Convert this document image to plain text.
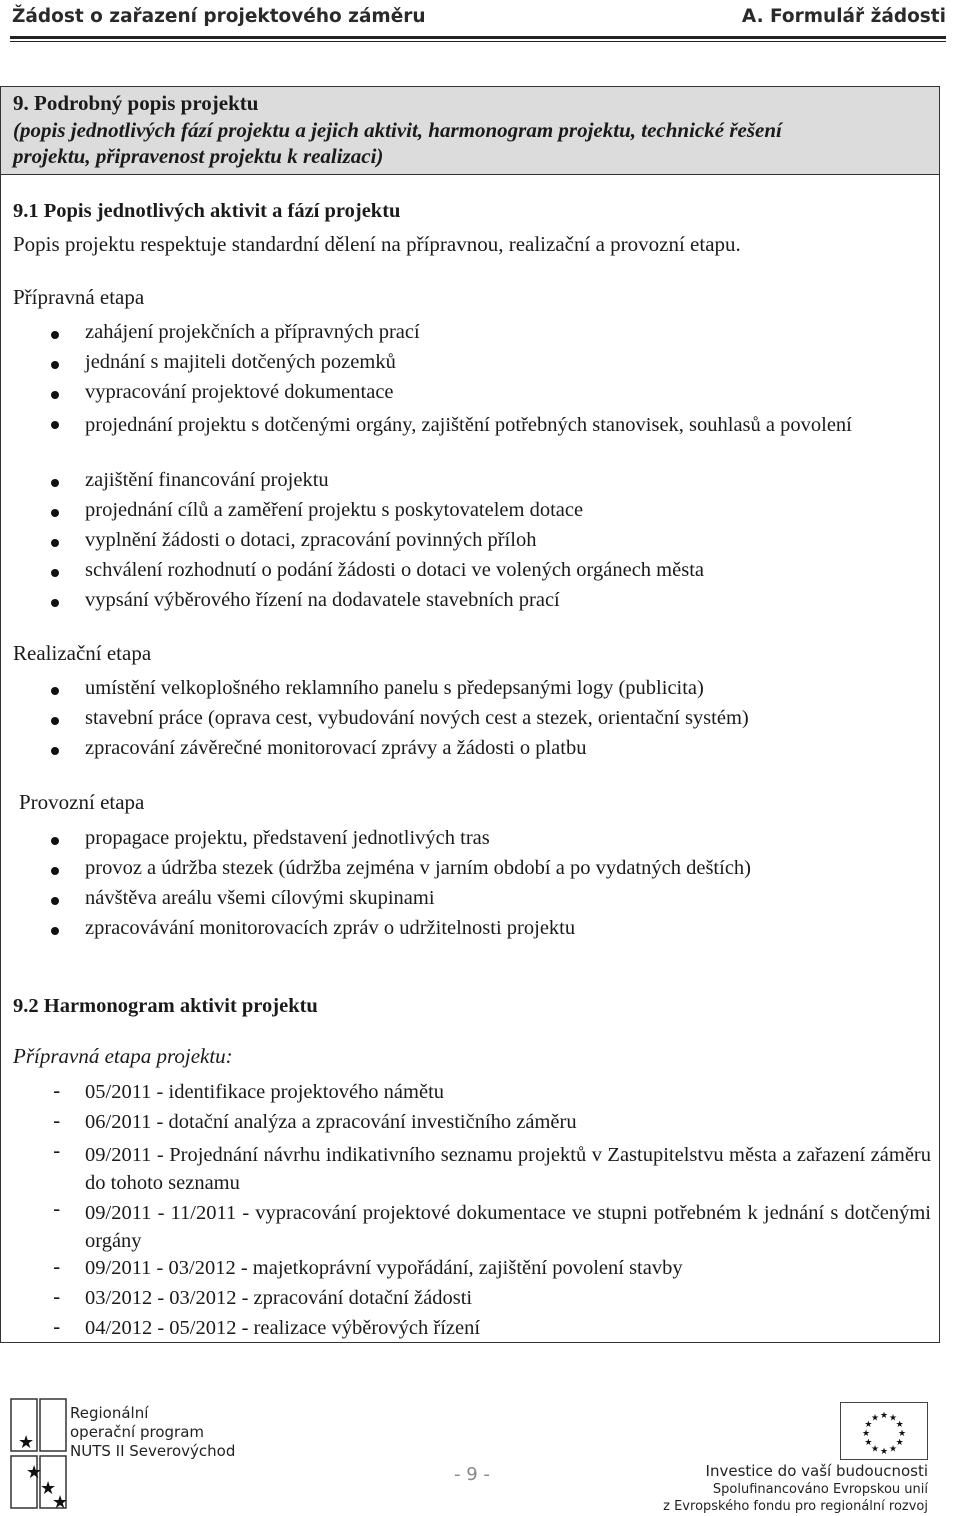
Žádost o zařazení projektového záměru	A. Formulář žádosti
9. Podrobný popis projektu
(popis jednotlivých fází projektu a jejich aktivit, harmonogram projektu, technické řešení
projektu, připravenost projektu k realizaci)
9.1 Popis jednotlivých aktivit a fází projektu
Popis projektu respektuje standardní dělení na přípravnou, realizační a provozní etapu.
Přípravná etapa
zahájení projekčních a přípravných prací
jednání s majiteli dotčených pozemků
vypracování projektové dokumentace
projednání projektu s dotčenými orgány, zajištění potřebných stanovisek, souhlasů a povolení
zajištění financování projektu
projednání cílů a zaměření projektu s poskytovatelem dotace
vyplnění žádosti o dotaci, zpracování povinných příloh
schválení rozhodnutí o podání žádosti o dotaci ve volených orgánech města
vypsání výběrového řízení na dodavatele stavebních prací
Realizační etapa
umístění velkoplošného reklamního panelu s předepsanými logy (publicita)
stavební práce (oprava cest, vybudování nových cest a stezek, orientační systém)
zpracování závěrečné monitorovací zprávy a žádosti o platbu
Provozní etapa
propagace projektu, představení jednotlivých tras
provoz a údržba stezek (údržba zejména v jarním období a po vydatných deštích)
návštěva areálu všemi cílovými skupinami
zpracovávání monitorovacích zpráv o udržitelnosti projektu
9.2 Harmonogram aktivit projektu
Přípravná etapa projektu:
- 05/2011 - identifikace projektového námětu
- 06/2011 - dotační analýza a zpracování investičního záměru
- 09/2011 - Projednání návrhu indikativního seznamu projektů v Zastupitelstvu města a zařazení záměru do tohoto seznamu
- 09/2011 - 11/2011 - vypracování projektové dokumentace ve stupni potřebném k jednání s dotčenými orgány
- 09/2011 - 03/2012 - majetkoprávní vypořádání, zajištění povolení stavby
- 03/2012 - 03/2012 - zpracování dotační žádosti
- 04/2012 - 05/2012 - realizace výběrových řízení
★
★
★
★
Regionální
operační program
NUTS II Severovýchod
- 9 -
★ ★
★
★
★
★
★
★
★
★
★
★
Investice do vaší budoucnosti
Spolufinancováno Evropskou unií
z Evropského fondu pro regionální rozvoj
